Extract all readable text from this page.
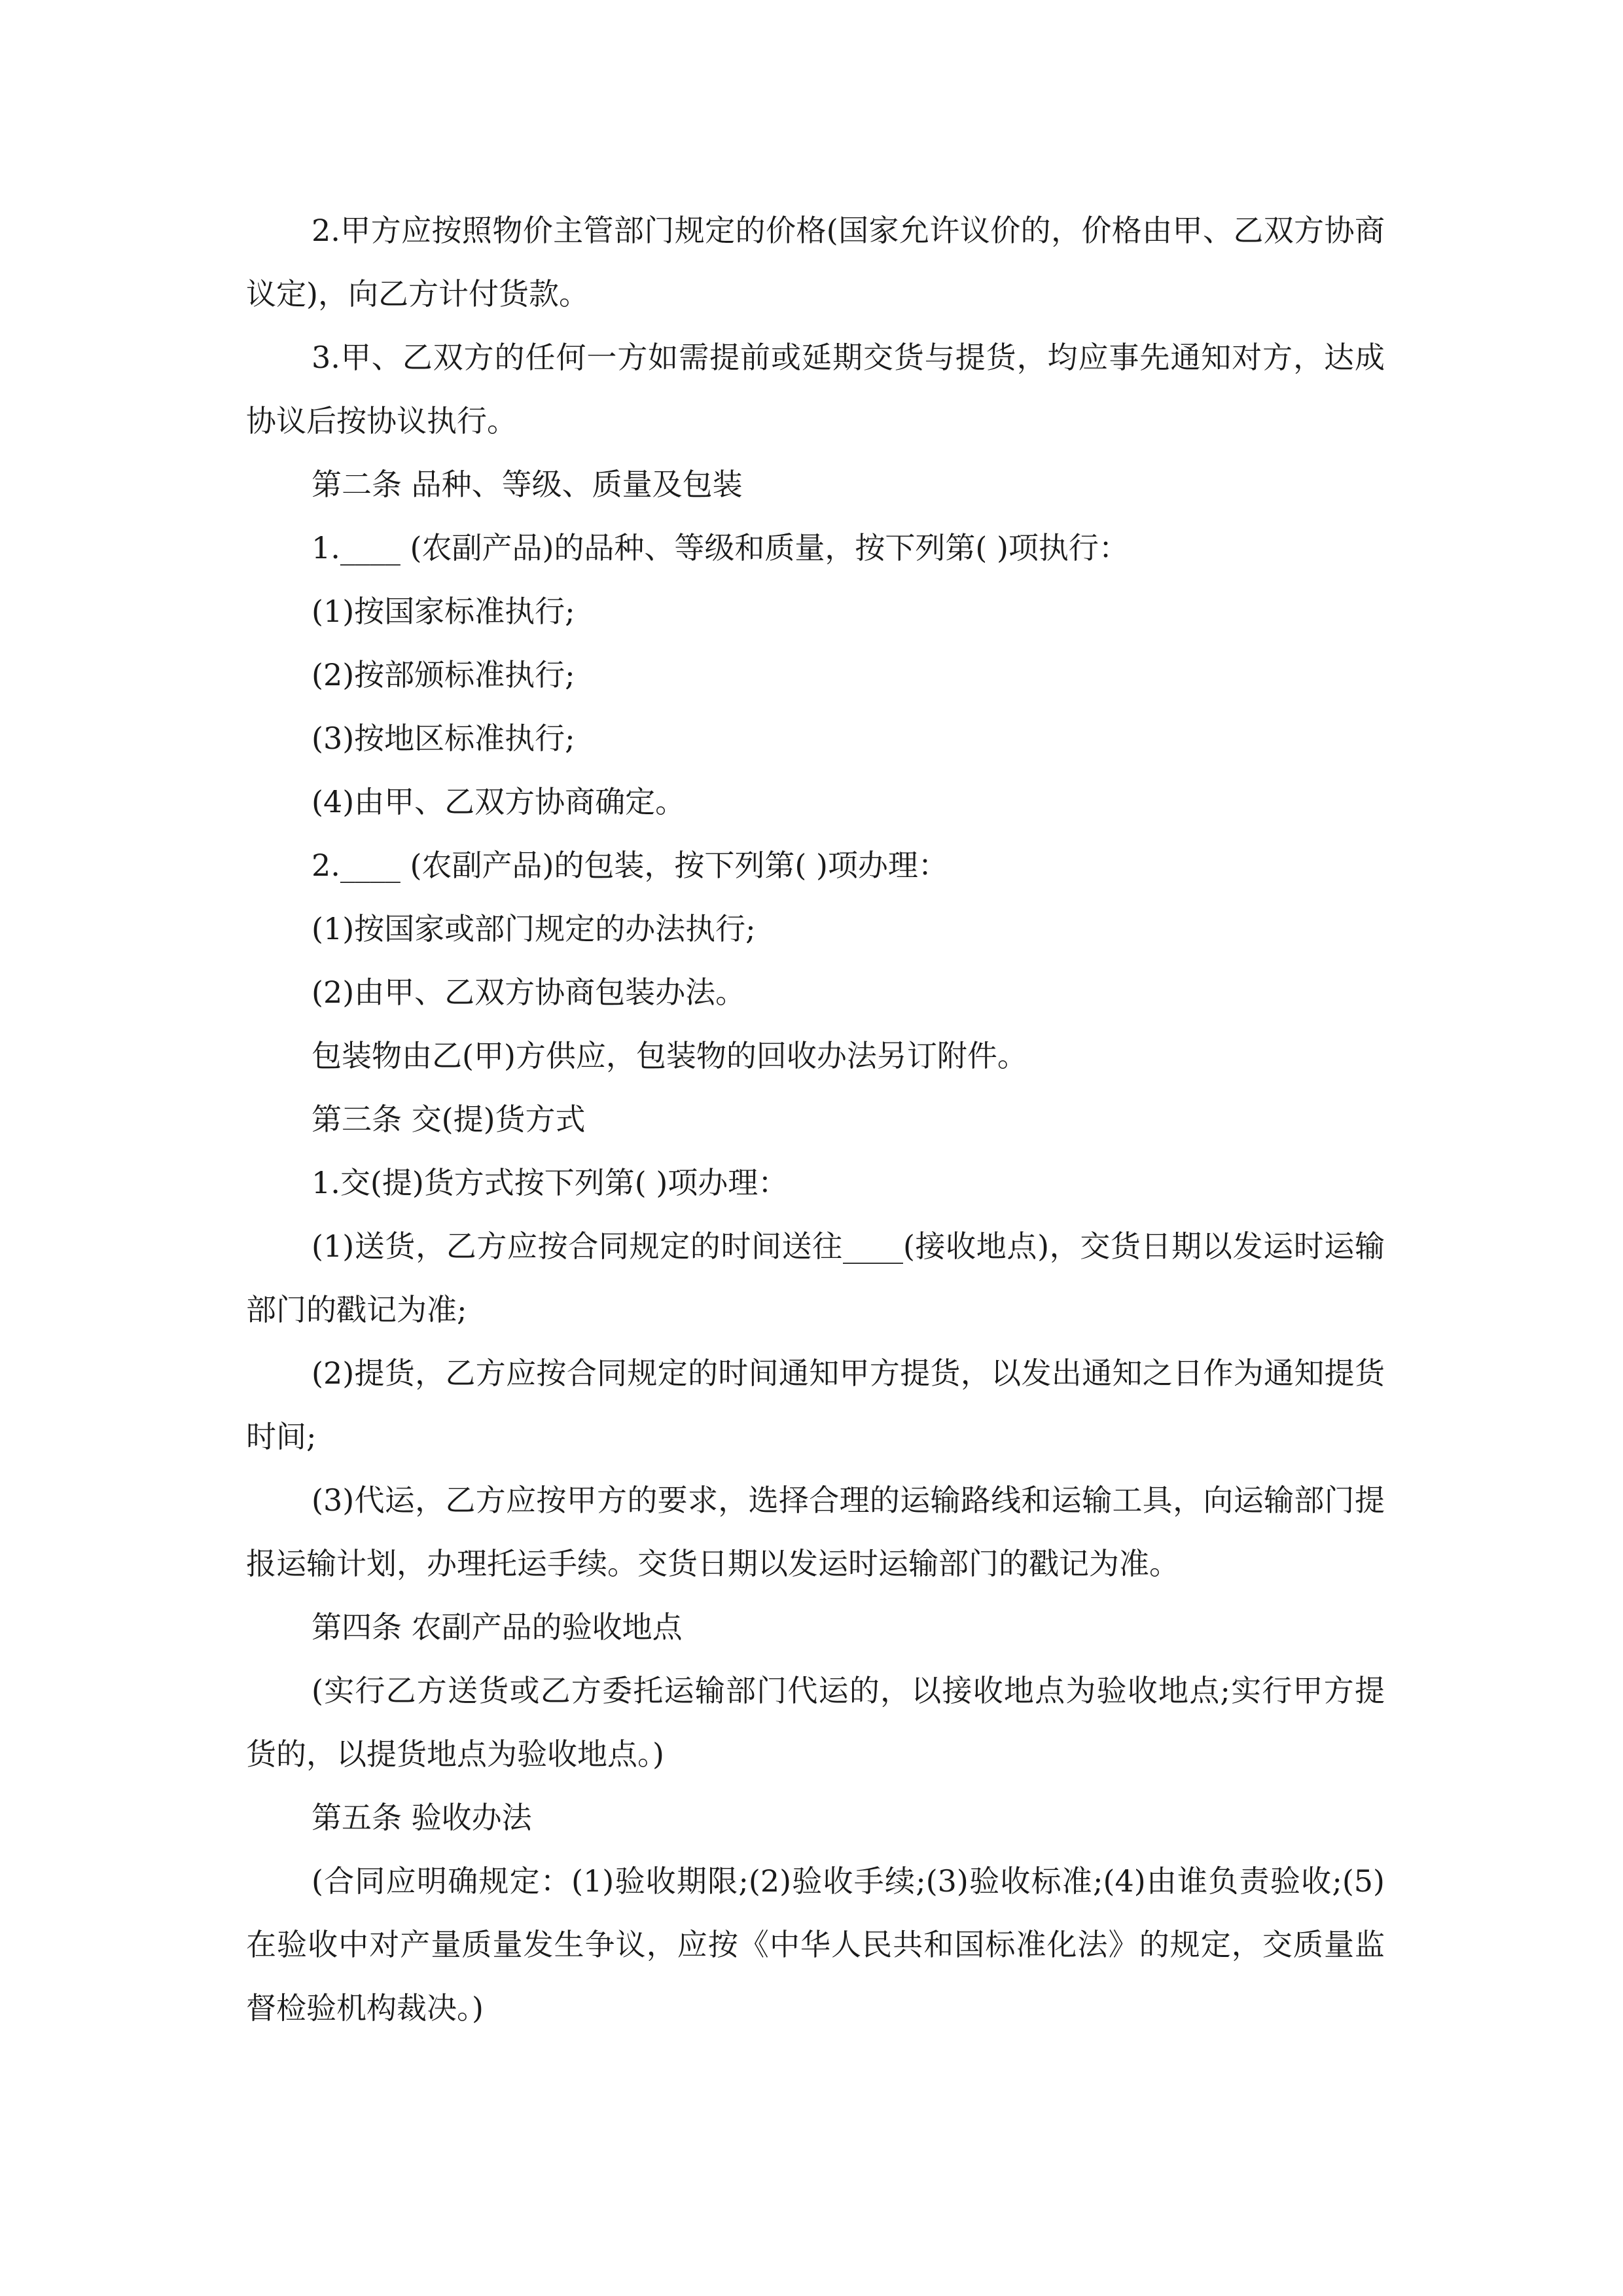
2.甲方应按照物价主管部门规定的价格(国家允许议价的，价格由甲、乙双方协商议定)，向乙方计付货款。

3.甲、乙双方的任何一方如需提前或延期交货与提货，均应事先通知对方，达成协议后按协议执行。

第二条 品种、等级、质量及包装

1.____ (农副产品)的品种、等级和质量，按下列第( )项执行：

(1)按国家标准执行;

(2)按部颁标准执行;

(3)按地区标准执行;

(4)由甲、乙双方协商确定。

2.____ (农副产品)的包装，按下列第( )项办理：

(1)按国家或部门规定的办法执行;

(2)由甲、乙双方协商包装办法。

包装物由乙(甲)方供应，包装物的回收办法另订附件。

第三条 交(提)货方式

1.交(提)货方式按下列第( )项办理：

(1)送货，乙方应按合同规定的时间送往____(接收地点)，交货日期以发运时运输部门的戳记为准;

(2)提货，乙方应按合同规定的时间通知甲方提货，以发出通知之日作为通知提货时间;

(3)代运，乙方应按甲方的要求，选择合理的运输路线和运输工具，向运输部门提报运输计划，办理托运手续。交货日期以发运时运输部门的戳记为准。

第四条 农副产品的验收地点

(实行乙方送货或乙方委托运输部门代运的，以接收地点为验收地点;实行甲方提货的，以提货地点为验收地点。)

第五条 验收办法

(合同应明确规定：(1)验收期限;(2)验收手续;(3)验收标准;(4)由谁负责验收;(5)在验收中对产量质量发生争议，应按《中华人民共和国标准化法》的规定，交质量监督检验机构裁决。)
